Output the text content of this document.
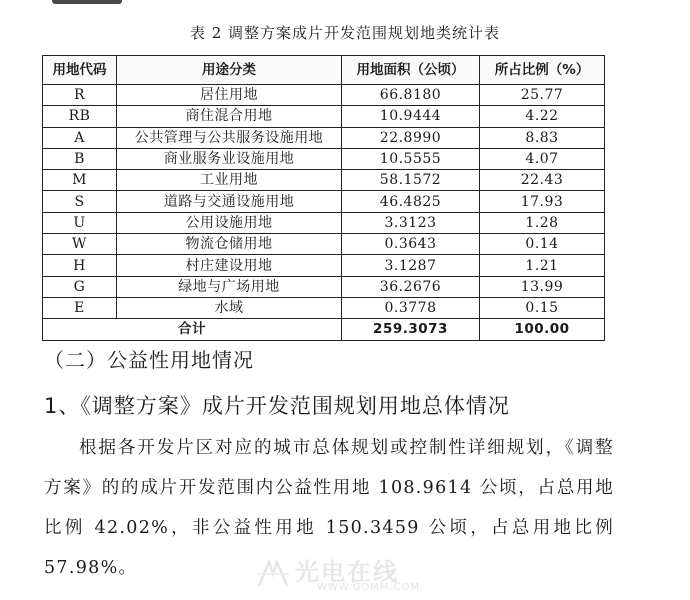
表 2 调整方案成片开发范围规划地类统计表
用地代码	用途分类	用地面积（公顷）	所占比例（%）
R	居住用地	66.8180	25.77
RB	商住混合用地	10.9444	4.22
A	公共管理与公共服务设施用地	22.8990	8.83
B	商业服务业设施用地	10.5555	4.07
M	工业用地	58.1572	22.43
S	道路与交通设施用地	46.4825	17.93
U	公用设施用地	3.3123	1.28
W	物流仓储用地	0.3643	0.14
H	村庄建设用地	3.1287	1.21
G	绿地与广场用地	36.2676	13.99
E	水域	0.3778	0.15
合计		259.3073	100.00
（二）公益性用地情况
1、《调整方案》成片开发范围规划用地总体情况
根据各开发片区对应的城市总体规划或控制性详细规划，《调整方案》的的成片开发范围内公益性用地 108.9614 公顷，占总用地比例 42.02%，非公益性用地 150.3459 公顷，占总用地比例 57.98%。	光电在线
WWW.GDMM.COM
